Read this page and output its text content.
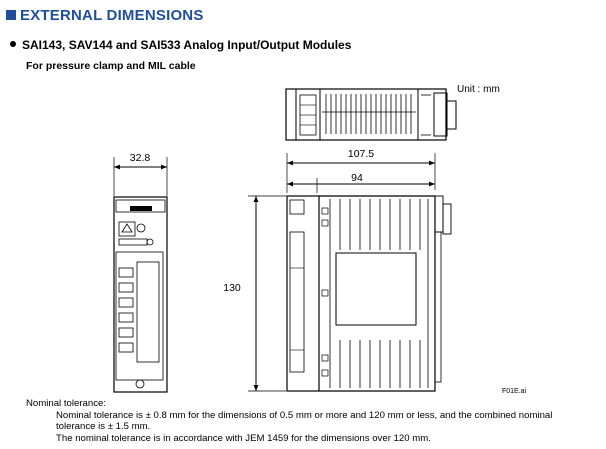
EXTERNAL DIMENSIONS
SAI143, SAV144 and SAI533 Analog Input/Output Modules
For pressure clamp and MIL cable
Unit : mm
32.8	107.5
94
130
F01E.ai
Nominal tolerance:
Nominal tolerance is ± 0.8 mm for the dimensions of 0.5 mm or more and 120 mm or less, and the combined nominal
tolerance is ± 1.5 mm.
The nominal tolerance is in accordance with JEM 1459 for the dimensions over 120 mm.
